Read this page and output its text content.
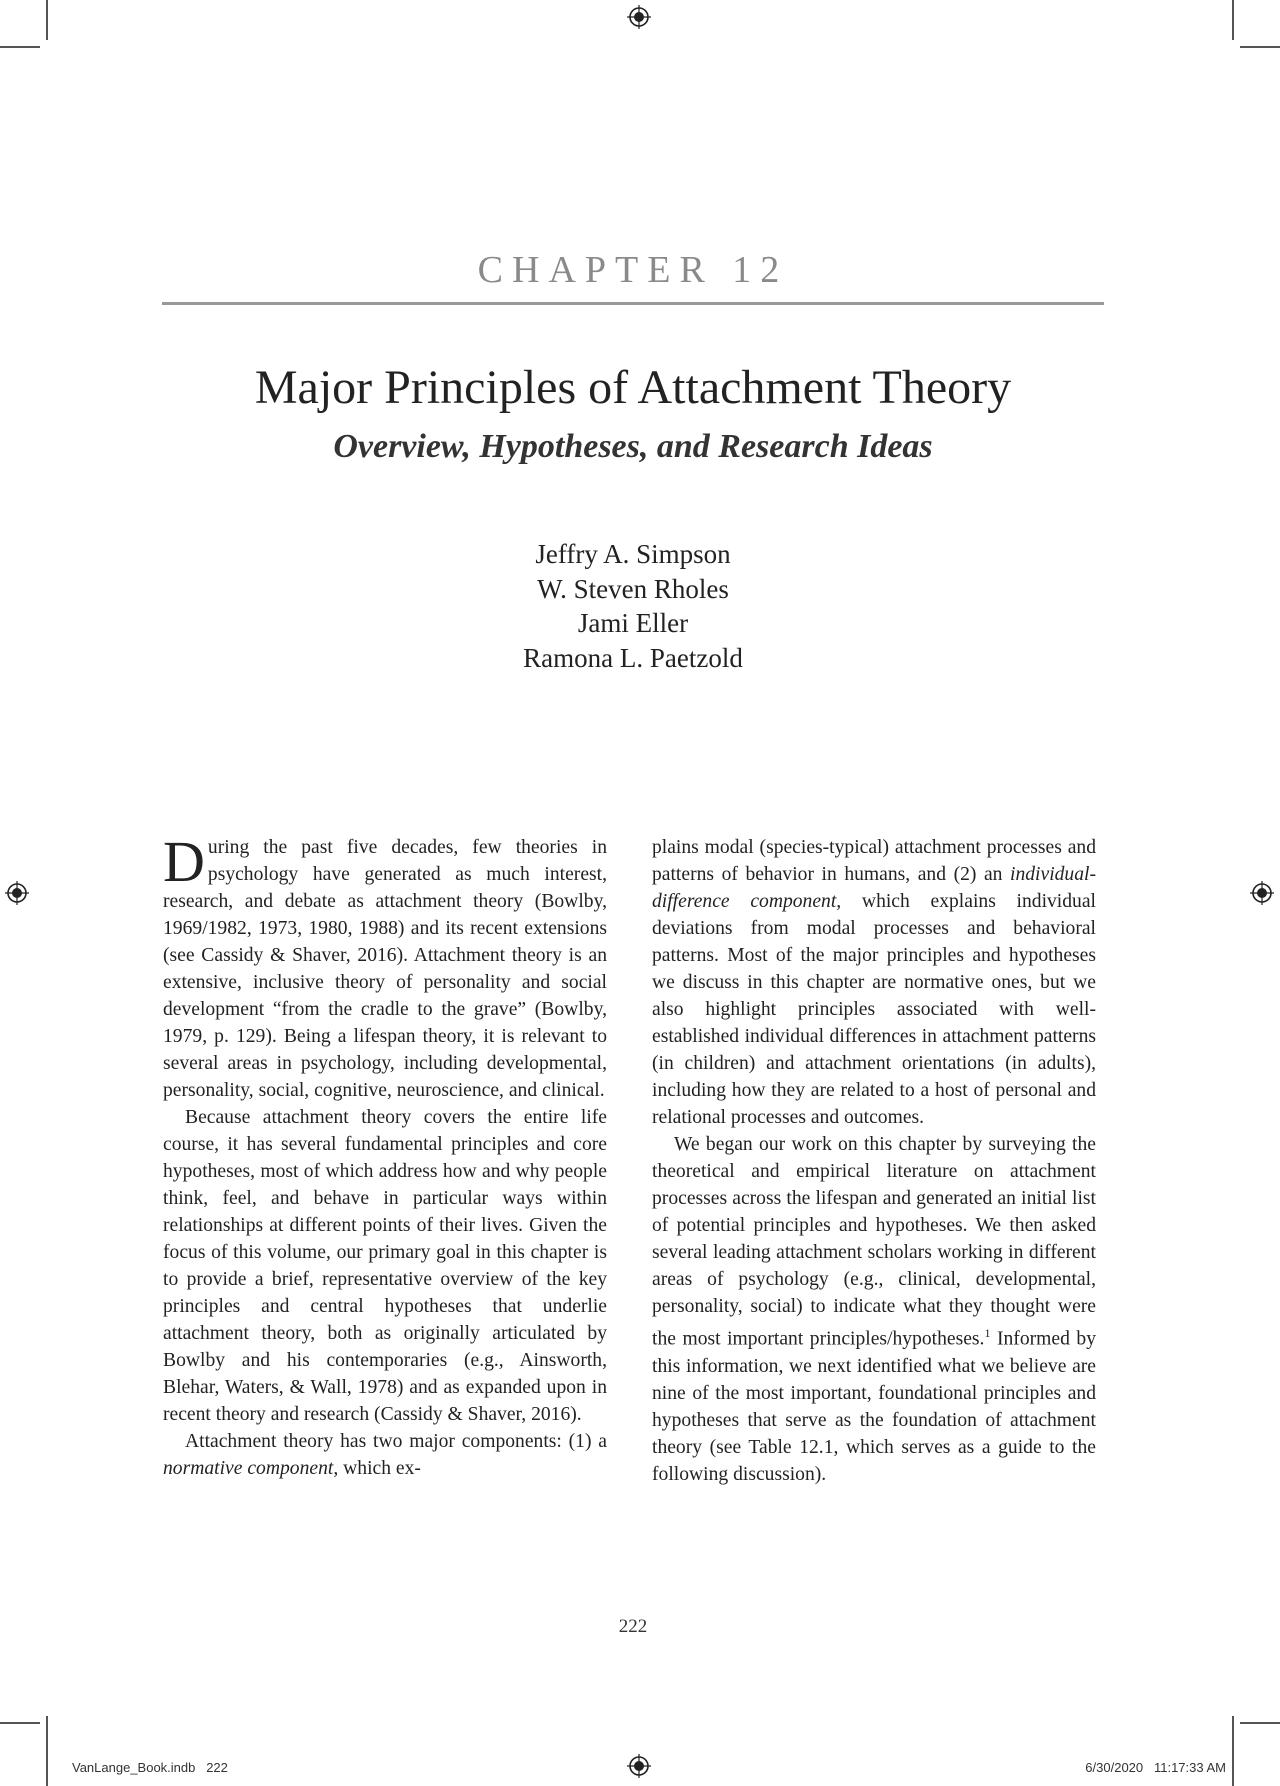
CHAPTER 12
Major Principles of Attachment Theory
Overview, Hypotheses, and Research Ideas
Jeffry A. Simpson
W. Steven Rholes
Jami Eller
Ramona L. Paetzold

During the past five decades, few theories in psychology have generated as much interest, research, and debate as attachment theory (Bowlby, 1969/1982, 1973, 1980, 1988) and its recent extensions (see Cassidy & Shaver, 2016). Attachment theory is an extensive, inclusive theory of personality and social development “from the cradle to the grave” (Bowlby, 1979, p. 129). Being a lifespan theory, it is relevant to several areas in psychology, including developmental, personality, social, cognitive, neuroscience, and clinical.

Because attachment theory covers the entire life course, it has several fundamental principles and core hypotheses, most of which address how and why people think, feel, and behave in particular ways within relationships at different points of their lives. Given the focus of this volume, our primary goal in this chapter is to provide a brief, representative overview of the key principles and central hypotheses that underlie attachment theory, both as originally articulated by Bowlby and his contemporaries (e.g., Ainsworth, Blehar, Waters, & Wall, 1978) and as expanded upon in recent theory and research (Cassidy & Shaver, 2016).

Attachment theory has two major components: (1) a normative component, which ex-

plains modal (species-typical) attachment processes and patterns of behavior in humans, and (2) an individual-difference component, which explains individual deviations from modal processes and behavioral patterns. Most of the major principles and hypotheses we discuss in this chapter are normative ones, but we also highlight principles associated with well-established individual differences in attachment patterns (in children) and attachment orientations (in adults), including how they are related to a host of personal and relational processes and outcomes.

We began our work on this chapter by surveying the theoretical and empirical literature on attachment processes across the lifespan and generated an initial list of potential principles and hypotheses. We then asked several leading attachment scholars working in different areas of psychology (e.g., clinical, developmental, personality, social) to indicate what they thought were the most important principles/hypotheses.$^1$ Informed by this information, we next identified what we believe are nine of the most important, foundational principles and hypotheses that serve as the foundation of attachment theory (see Table 12.1, which serves as a guide to the following discussion).

222
VanLange_Book.indb   222	6/30/2020   11:17:33 AM
